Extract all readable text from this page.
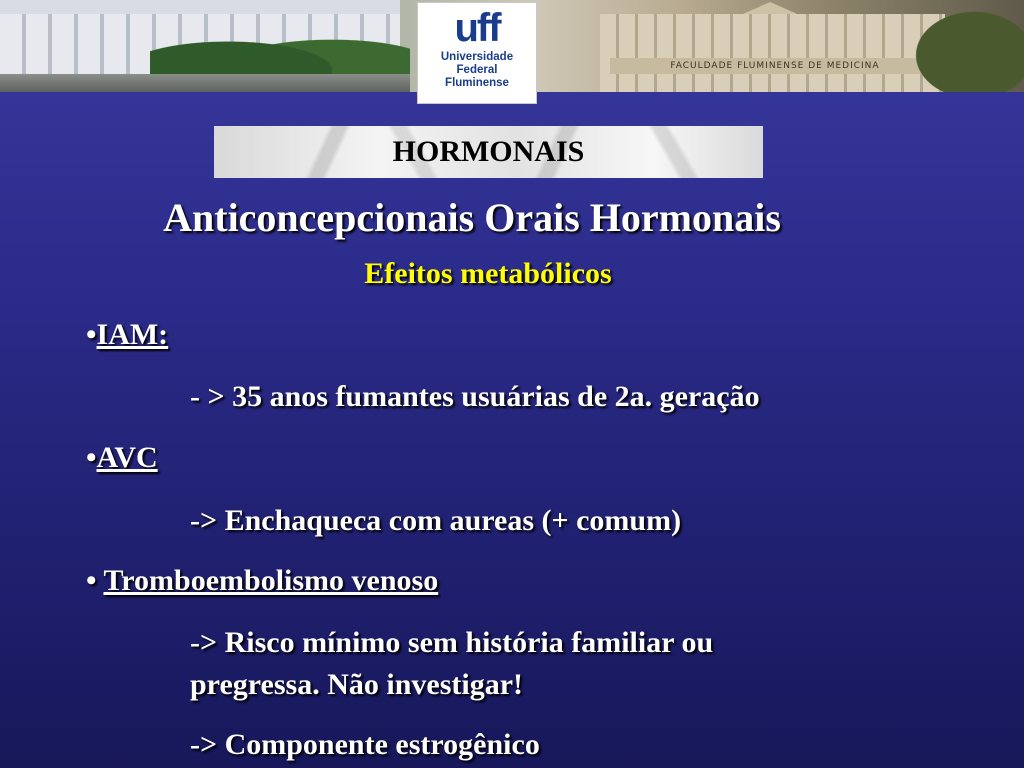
FACULDADE FLUMINENSE DE MEDICINA
uff
Universidade
Federal
Fluminense
HORMONAIS
Anticoncepcionais Orais Hormonais
Efeitos metabólicos
•IAM:
- > 35 anos fumantes usuárias de 2a. geração
•AVC
-> Enchaqueca com aureas (+ comum)
• Tromboembolismo venoso
-> Risco mínimo sem história familiar ou
pregressa. Não investigar!
-> Componente estrogênico
